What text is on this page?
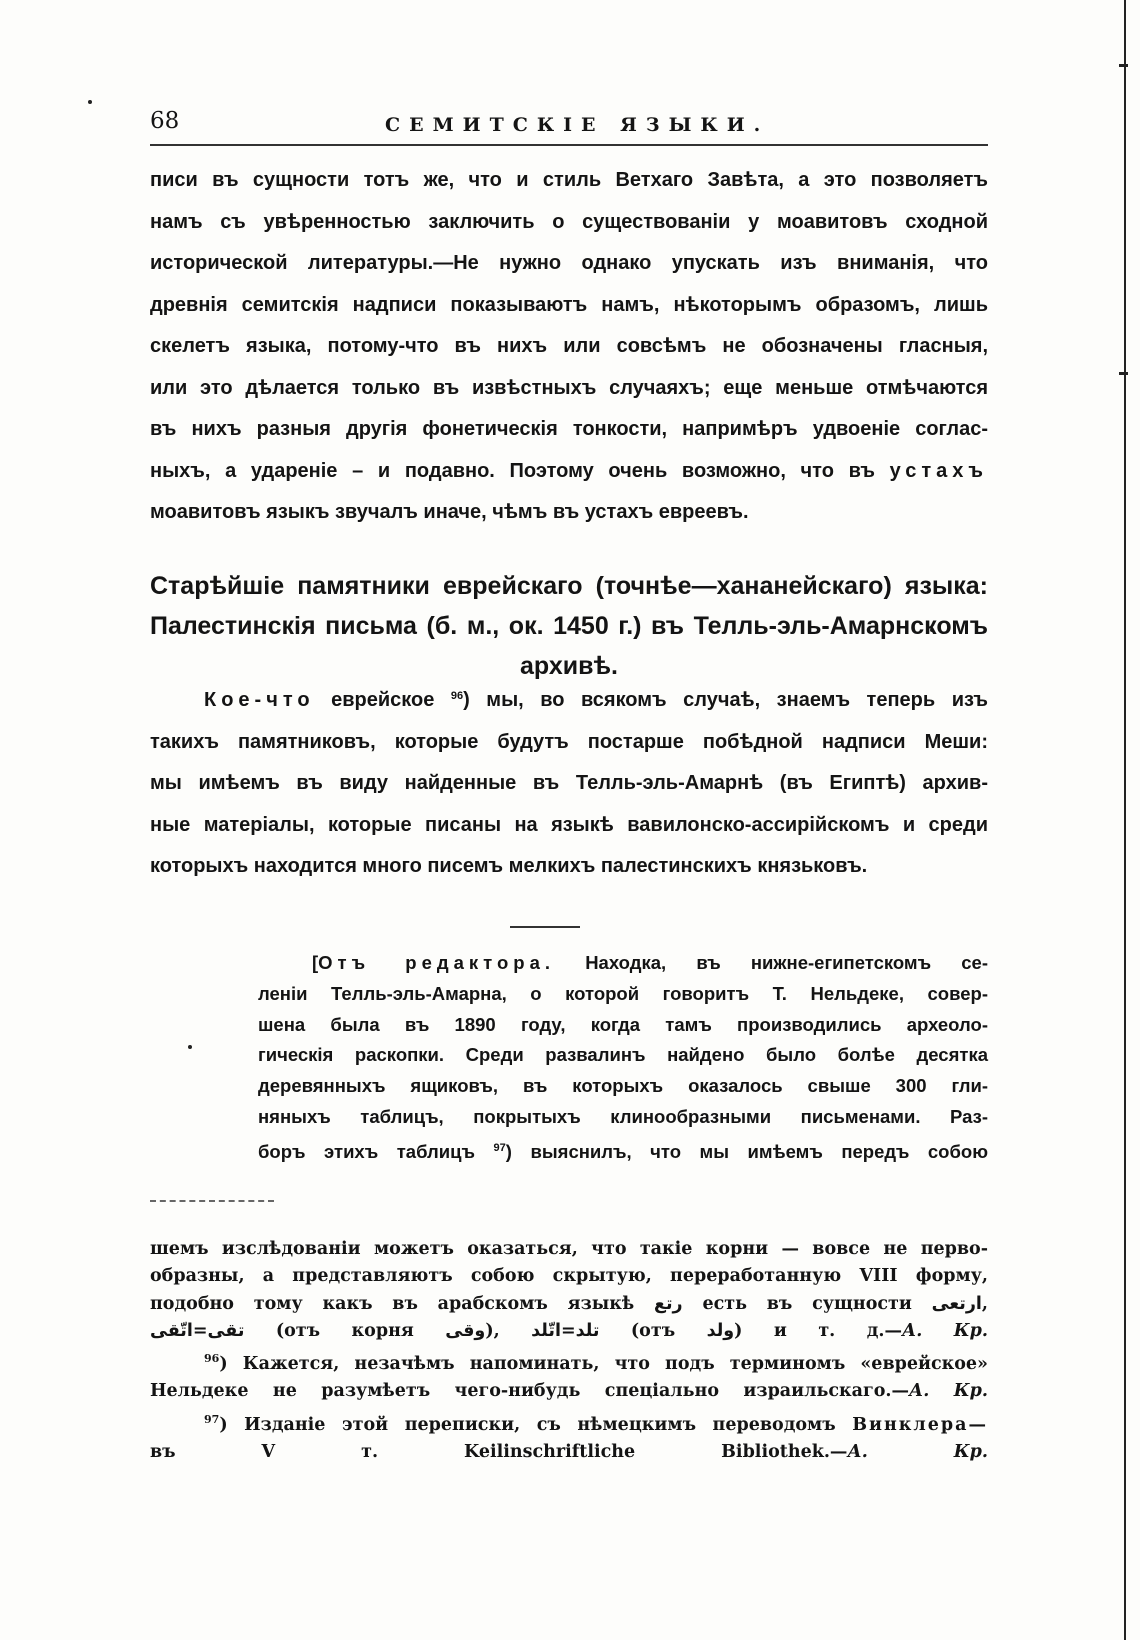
68	СЕМИТСКІЕ ЯЗЫКИ.
писи въ сущности тотъ же, что и стиль Ветхаго Завѣта, а это позволяетъ
намъ съ увѣренностью заключить о существованіи у моавитовъ сходной
исторической литературы.—Не нужно однако упускать изъ вниманія, что
древнія семитскія надписи показываютъ намъ, нѣкоторымъ образомъ, лишь
скелетъ языка, потому-что въ нихъ или совсѣмъ не обозначены гласныя,
или это дѣлается только въ извѣстныхъ случаяхъ; еще меньше отмѣчаются
въ нихъ разныя другія фонетическія тонкости, напримѣръ удвоеніе соглас-
ныхъ, а удареніе – и подавно. Поэтому очень возможно, что въ устахъ
моавитовъ языкъ звучалъ иначе, чѣмъ въ устахъ евреевъ.
Старѣйшіе памятники еврейскаго (точнѣе—хананейскаго) языка:
Палестинскія письма (б. м., ок. 1450 г.) въ Телль-эль-Амарнскомъ
архивѣ.
Кое-что еврейское $^{96}$) мы, во всякомъ случаѣ, знаемъ теперь изъ
такихъ памятниковъ, которые будутъ постарше побѣдной надписи Меши:
мы имѣемъ въ виду найденные въ Телль-эль-Амарнѣ (въ Египтѣ) архив-
ные матеріалы, которые писаны на языкѣ вавилонско-ассирійскомъ и среди
которыхъ находится много писемъ мелкихъ палестинскихъ князьковъ.
[Отъ редактора. Находка, въ нижне-египетскомъ се-
леніи Телль-эль-Амарна, о которой говоритъ Т. Нельдеке, совер-
шена была въ 1890 году, когда тамъ производились археоло-
гическія раскопки. Среди развалинъ найдено было болѣе десятка
деревянныхъ ящиковъ, въ которыхъ оказалось свыше 300 гли-
няныхъ таблицъ, покрытыхъ клинообразными письменами. Раз-
боръ этихъ таблицъ $^{97}$) выяснилъ, что мы имѣемъ передъ собою
шемъ изслѣдованіи можетъ оказаться, что такіе корни — вовсе не перво-
образны, а представляютъ собою скрытую, переработанную VIII форму,
подобно тому какъ въ арабскомъ языкѣ رتع есть въ сущности ارتعى,
تقى=اتّقى (отъ корня وقى), تلد=اتّلد (отъ ولد) и т. д.—А. Кр.
$^{96}$) Кажется, незачѣмъ напоминать, что подъ терминомъ «еврейское»
Нельдеке не разумѣетъ чего-нибудь спеціально израильскаго.—А. Кр.
$^{97}$) Изданіе этой переписки, съ нѣмецкимъ переводомъ Винклера—
въ V т. Keilinschriftliche Bibliothek.—А. Кр.
